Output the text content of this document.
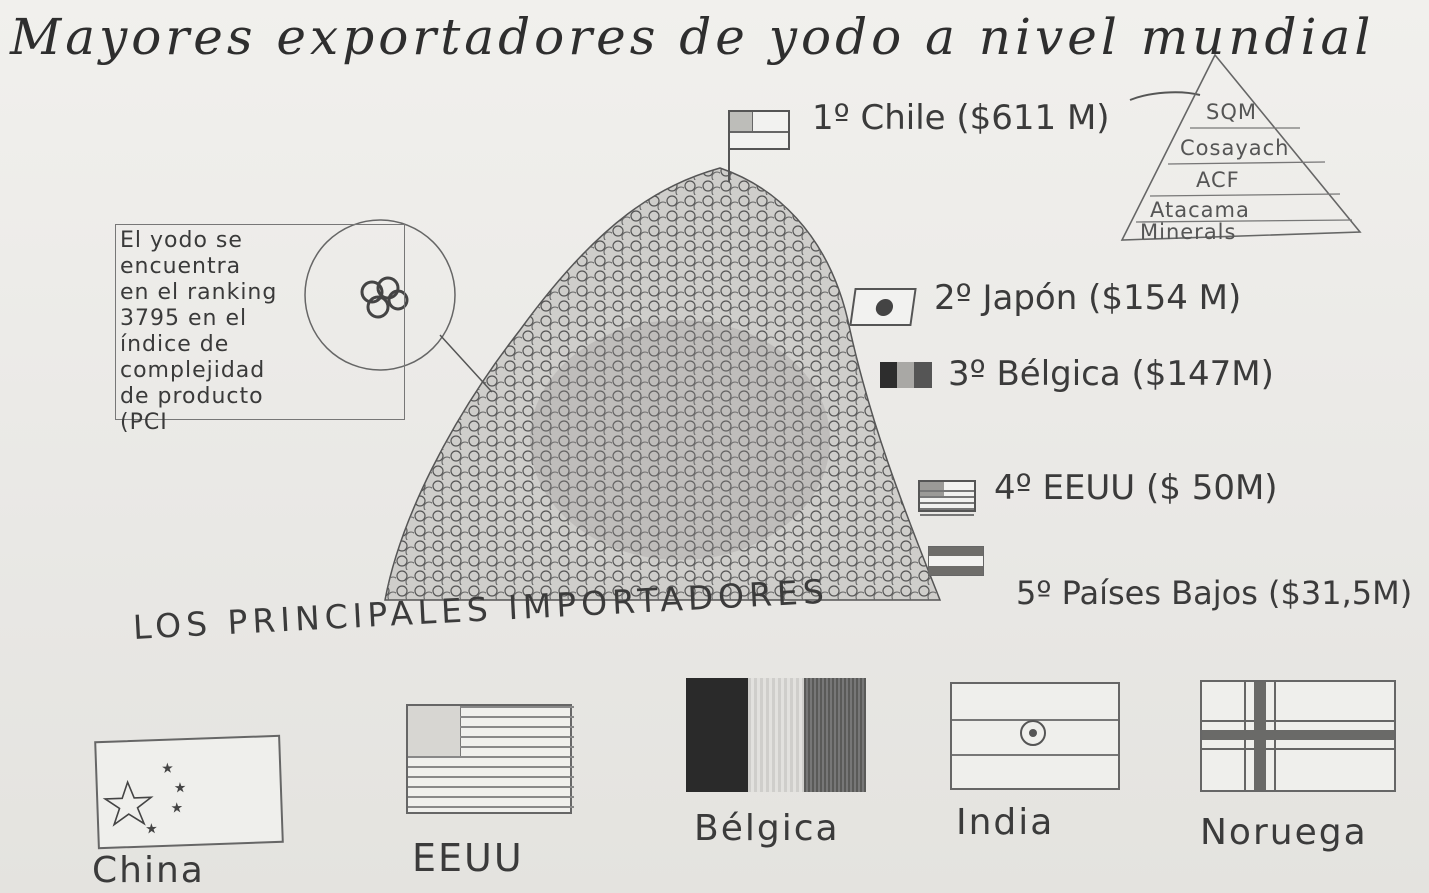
Mayores exportadores de yodo a nivel mundial
1º Chile ($611 M)
2º Japón ($154 M)
3º Bélgica ($147M)
4º EEUU ($ 50M)
5º Países Bajos ($31,5M)
SQM
Cosayach
ACF
Atacama
Minerals
El yodo se
encuentra
en el ranking
3795 en el
índice de
complejidad
de producto
(PCI
LOS PRINCIPALES IMPORTADORES
★
★
★
★
China	EEUU
Bélgica	India	Noruega
